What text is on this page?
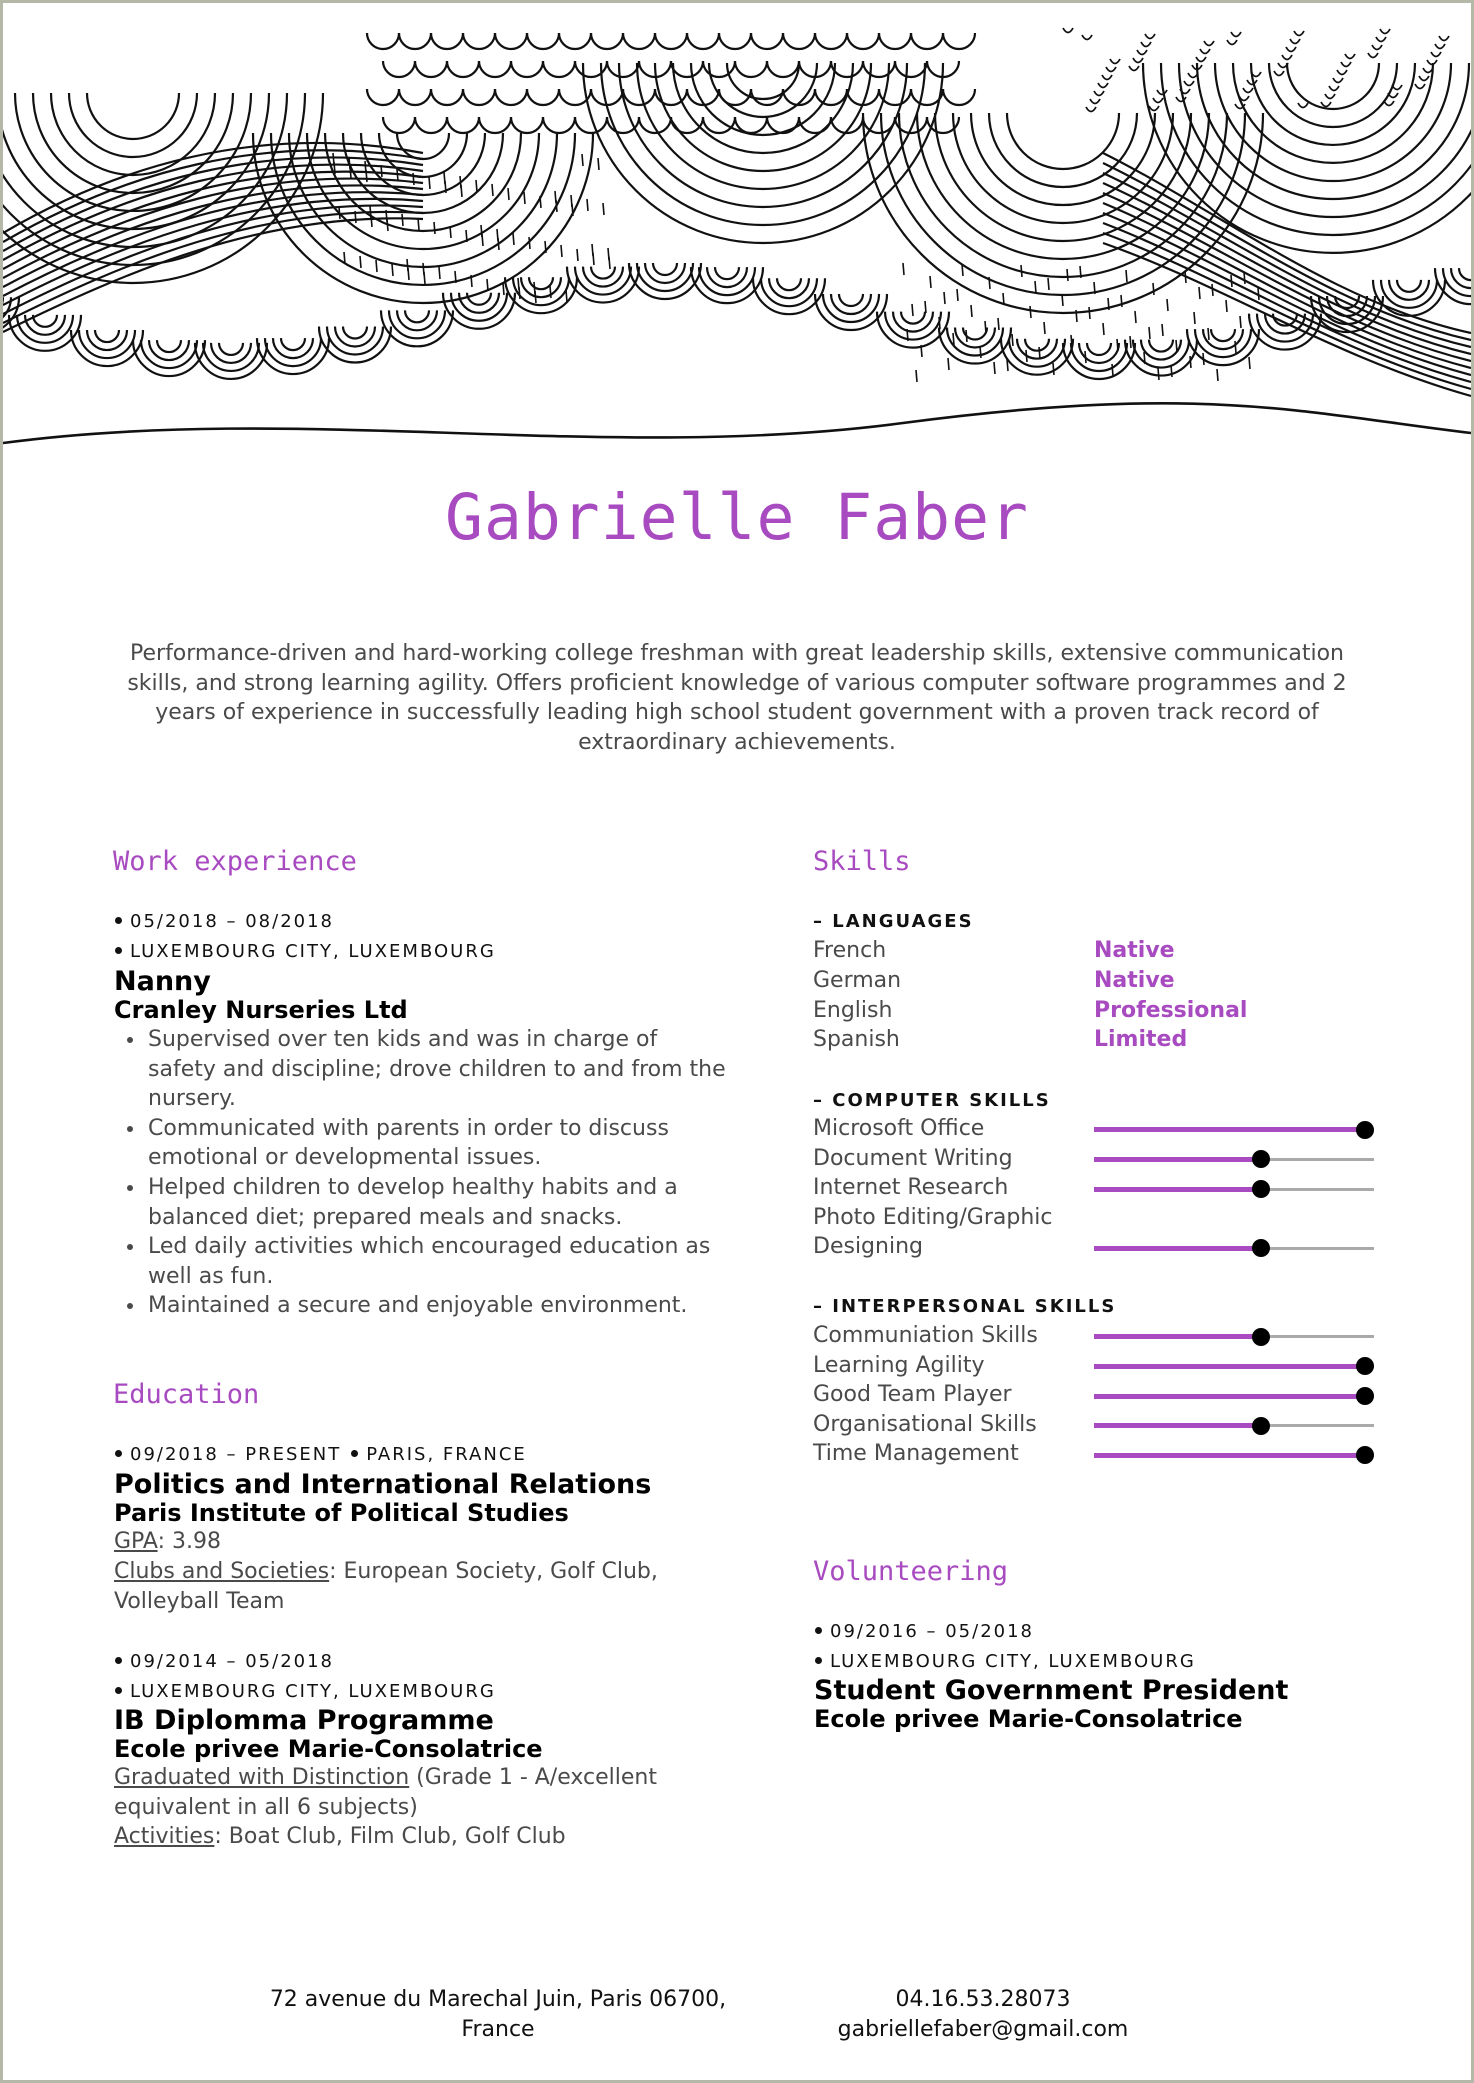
Gabrielle Faber
Performance-driven and hard-working college freshman with great leadership skills, extensive communication skills, and strong learning agility. Offers proficient knowledge of various computer software programmes and 2 years of experience in successfully leading high school student government with a proven track record of extraordinary achievements.
Work experience
05/2018 – 08/2018
LUXEMBOURG CITY, LUXEMBOURG
Nanny
Cranley Nurseries Ltd
• Supervised over ten kids and was in charge of safety and discipline; drove children to and from the nursery.
• Communicated with parents in order to discuss emotional or developmental issues.
• Helped children to develop healthy habits and a balanced diet; prepared meals and snacks.
• Led daily activities which encouraged education as well as fun.
• Maintained a secure and enjoyable environment.
Education
09/2018 – PRESENT PARIS, FRANCE
Politics and International Relations
Paris Institute of Political Studies
GPA: 3.98
Clubs and Societies: European Society, Golf Club, Volleyball Team
09/2014 – 05/2018
LUXEMBOURG CITY, LUXEMBOURG
IB Diplomma Programme
Ecole privee Marie-Consolatrice
Graduated with Distinction (Grade 1 - A/excellent equivalent in all 6 subjects)
Activities: Boat Club, Film Club, Golf Club
Skills
– LANGUAGES
French	Native
German	Native
English	Professional
Spanish	Limited
– COMPUTER SKILLS
– INTERPERSONAL SKILLS
Volunteering
09/2016 – 05/2018
LUXEMBOURG CITY, LUXEMBOURG
Student Government President
Ecole privee Marie-Consolatrice
72 avenue du Marechal Juin, Paris 06700, France
04.16.53.28073
gabriellefaber@gmail.com
Microsoft Office
Document Writing
Internet Research
Photo Editing/Graphic Designing
Communiation Skills
Learning Agility
Good Team Player
Organisational Skills
Time Management
